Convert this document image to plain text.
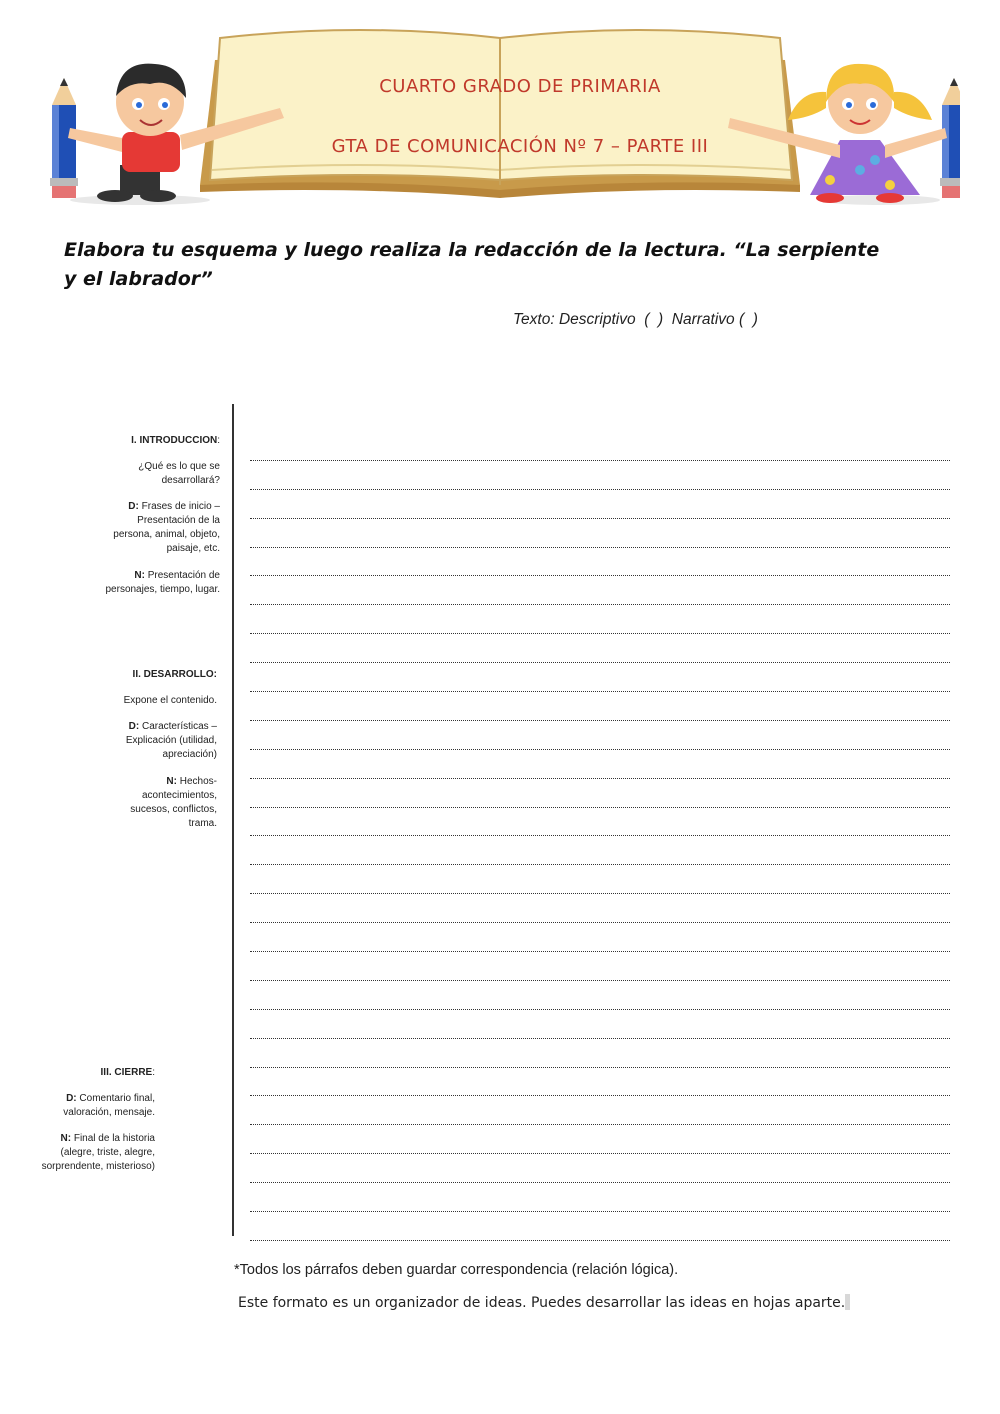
CUARTO GRADO DE PRIMARIA
GTA DE COMUNICACIÓN Nº 7 – PARTE III
Elabora tu esquema y luego realiza la redacción de la lectura. “La serpiente y el labrador”
Texto: Descriptivo  (  )  Narrativo (  )
I. INTRODUCCION:
¿Qué es lo que se desarrollará?
D: Frases de inicio – Presentación de la persona, animal, objeto, paisaje, etc.
N: Presentación de personajes, tiempo, lugar.
II. DESARROLLO:
Expone el contenido.
D: Características – Explicación (utilidad, apreciación)
N: Hechos-acontecimientos, sucesos, conflictos, trama.
III. CIERRE:
D: Comentario final, valoración, mensaje.
N: Final de la historia (alegre, triste, alegre, sorprendente, misterioso)
*Todos los párrafos deben guardar correspondencia (relación lógica).
Este formato es un organizador de ideas. Puedes desarrollar las ideas en hojas aparte.
